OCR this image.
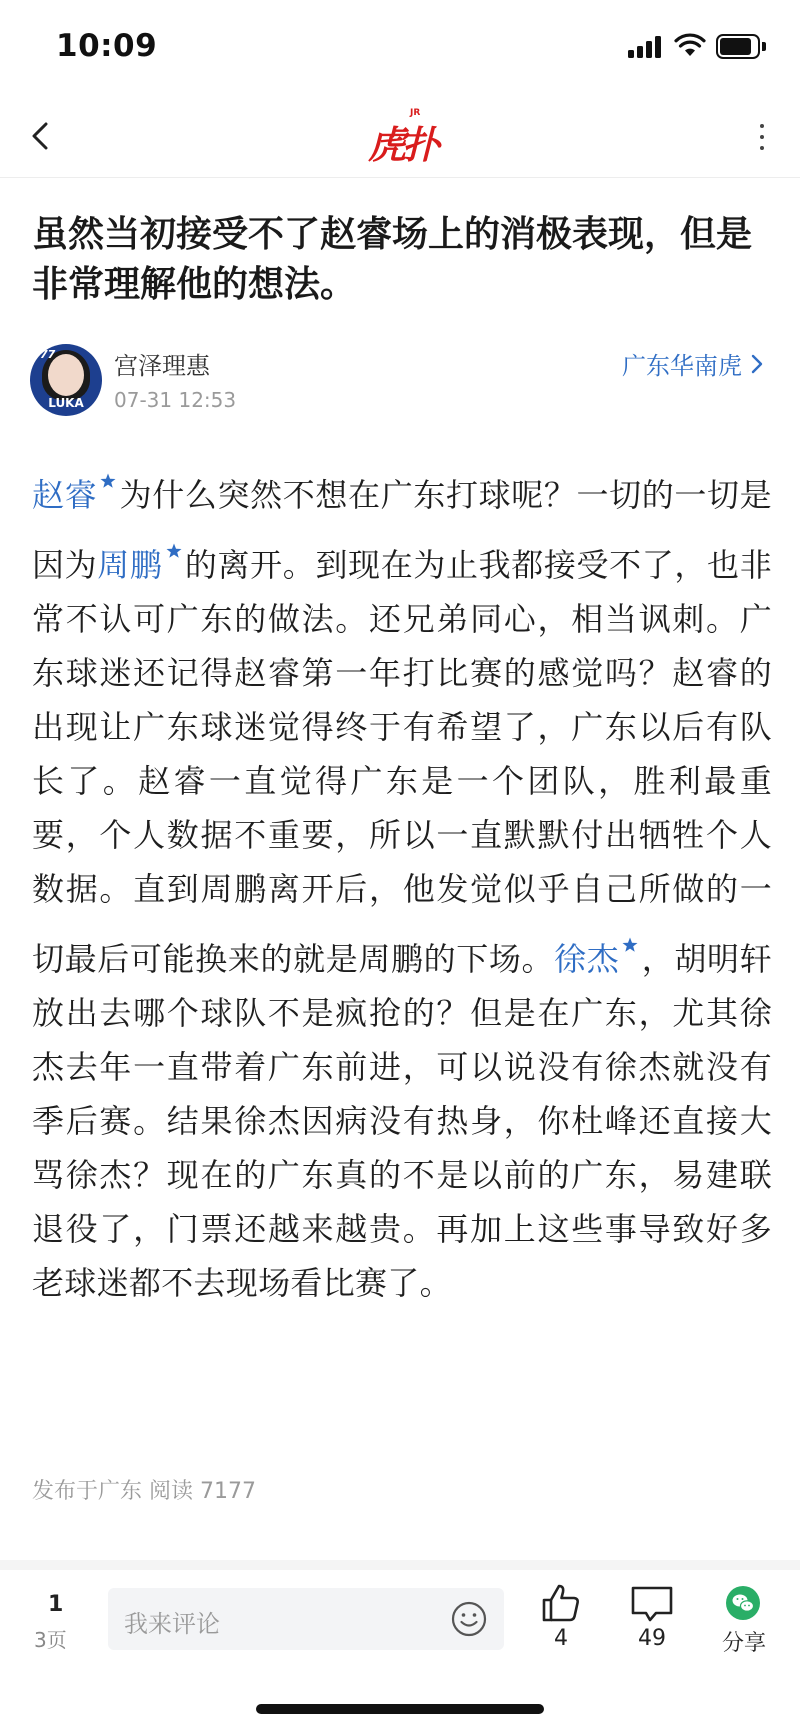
10:09
虎扑
JR
虽然当初接受不了赵睿场上的消极表现，但是非常理解他的想法。
77
LUKA
宫泽理惠
07-31 12:53
广东华南虎
赵睿 为什么突然不想在广东打球呢？一切的一切是因为周鹏 的离开。到现在为止我都接受不了，也非常不认可广东的做法。还兄弟同心，相当讽刺。广东球迷还记得赵睿第一年打比赛的感觉吗？赵睿的出现让广东球迷觉得终于有希望了，广东以后有队长了。赵睿一直觉得广东是一个团队，胜利最重要，个人数据不重要，所以一直默默付出牺牲个人数据。直到周鹏离开后，他发觉似乎自己所做的一切最后可能换来的就是周鹏的下场。徐杰 ，胡明轩放出去哪个球队不是疯抢的？但是在广东，尤其徐杰去年一直带着广东前进，可以说没有徐杰就没有季后赛。结果徐杰因病没有热身，你杜峰还直接大骂徐杰？现在的广东真的不是以前的广东，易建联退役了，门票还越来越贵。再加上这些事导致好多老球迷都不去现场看比赛了。
发布于广东 阅读 7177
1
3页
我来评论
4	49	分享
